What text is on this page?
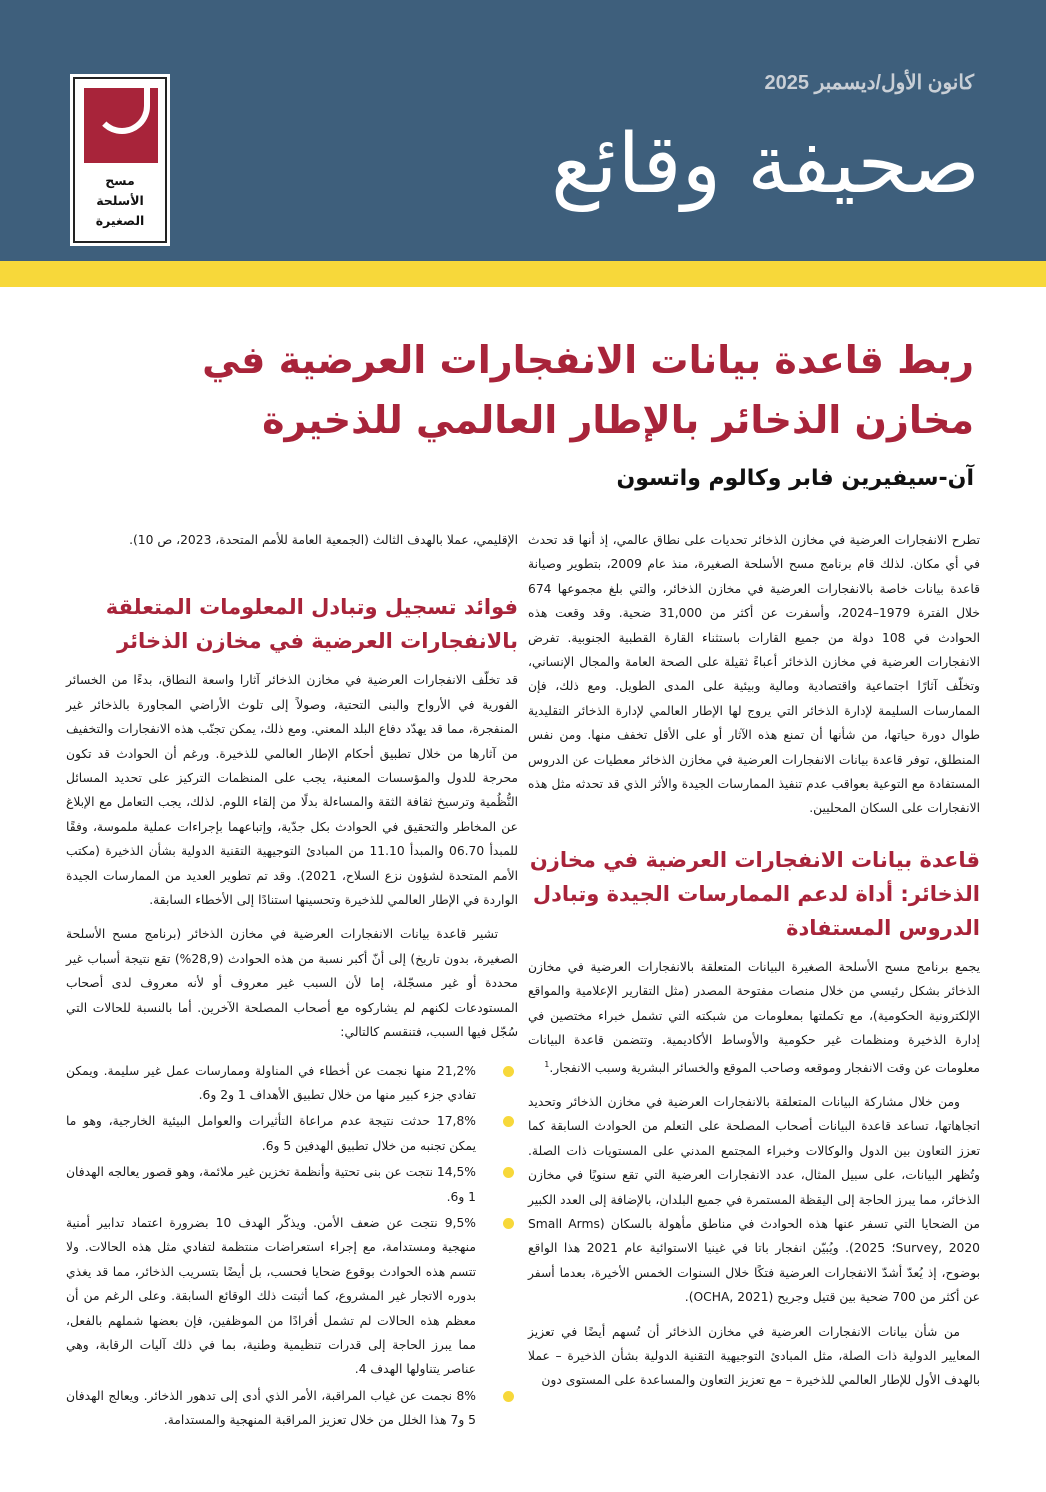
مسح
الأسلحة
الصغيرة
كانون الأول/ديسمبر 2025
صحيفة وقائع
ربط قاعدة بيانات الانفجارات العرضية في مخازن الذخائر بالإطار العالمي للذخيرة
آن-سيفيرين فابر وكالوم واتسون

تطرح الانفجارات العرضية في مخازن الذخائر تحديات على نطاق عالمي، إذ أنها قد تحدث في أي مكان. لذلك قام برنامج مسح الأسلحة الصغيرة، منذ عام 2009، بتطوير وصيانة قاعدة بيانات خاصة بالانفجارات العرضية في مخازن الذخائر، والتي بلغ مجموعها 674 خلال الفترة 1979–2024، وأسفرت عن أكثر من 31,000 ضحية. وقد وقعت هذه الحوادث في 108 دولة من جميع القارات باستثناء القارة القطبية الجنوبية. تفرض الانفجارات العرضية في مخازن الذخائر أعباءً ثقيلة على الصحة العامة والمجال الإنساني، وتخلّف آثارًا اجتماعية واقتصادية ومالية وبيئية على المدى الطويل. ومع ذلك، فإن الممارسات السليمة لإدارة الذخائر التي يروج لها الإطار العالمي لإدارة الذخائر التقليدية طوال دورة حياتها، من شأنها أن تمنع هذه الآثار أو على الأقل تخفف منها. ومن نفس المنطلق، توفر قاعدة بيانات الانفجارات العرضية في مخازن الذخائر معطيات عن الدروس المستفادة مع التوعية بعواقب عدم تنفيذ الممارسات الجيدة والأثر الذي قد تحدثه مثل هذه الانفجارات على السكان المحليين.

قاعدة بيانات الانفجارات العرضية في مخازن الذخائر: أداة لدعم الممارسات الجيدة وتبادل الدروس المستفادة

يجمع برنامج مسح الأسلحة الصغيرة البيانات المتعلقة بالانفجارات العرضية في مخازن الذخائر بشكل رئيسي من خلال منصات مفتوحة المصدر (مثل التقارير الإعلامية والمواقع الإلكترونية الحكومية)، مع تكملتها بمعلومات من شبكته التي تشمل خبراء مختصين في إدارة الذخيرة ومنظمات غير حكومية والأوساط الأكاديمية. وتتضمن قاعدة البيانات معلومات عن وقت الانفجار وموقعه وصاحب الموقع والخسائر البشرية وسبب الانفجار.$^1$

ومن خلال مشاركة البيانات المتعلقة بالانفجارات العرضية في مخازن الذخائر وتحديد اتجاهاتها، تساعد قاعدة البيانات أصحاب المصلحة على التعلم من الحوادث السابقة كما تعزز التعاون بين الدول والوكالات وخبراء المجتمع المدني على المستويات ذات الصلة. وتُظهر البيانات، على سبيل المثال، عدد الانفجارات العرضية التي تقع سنويًا في مخازن الذخائر، مما يبرز الحاجة إلى اليقظة المستمرة في جميع البلدان، بالإضافة إلى العدد الكبير من الضحايا التي تسفر عنها هذه الحوادث في مناطق مأهولة بالسكان (Small Arms Survey, 2020؛ 2025). ويُبيّن انفجار باتا في غينيا الاستوائية عام 2021 هذا الواقع بوضوح، إذ يُعدّ أشدّ الانفجارات العرضية فتكًا خلال السنوات الخمس الأخيرة، بعدما أسفر عن أكثر من 700 ضحية بين قتيل وجريح (OCHA, 2021).

من شأن بيانات الانفجارات العرضية في مخازن الذخائر أن تُسهم أيضًا في تعزيز المعايير الدولية ذات الصلة، مثل المبادئ التوجيهية التقنية الدولية بشأن الذخيرة – عملا بالهدف الأول للإطار العالمي للذخيرة – مع تعزيز التعاون والمساعدة على المستوى دون

الإقليمي، عملا بالهدف الثالث (الجمعية العامة للأمم المتحدة، 2023، ص 10).

فوائد تسجيل وتبادل المعلومات المتعلقة بالانفجارات العرضية في مخازن الذخائر

قد تخلّف الانفجارات العرضية في مخازن الذخائر آثارا واسعة النطاق، بدءًا من الخسائر الفورية في الأرواح والبنى التحتية، وصولاً إلى تلوث الأراضي المجاورة بالذخائر غير المنفجرة، مما قد يهدّد دفاع البلد المعني. ومع ذلك، يمكن تجنّب هذه الانفجارات والتخفيف من آثارها من خلال تطبيق أحكام الإطار العالمي للذخيرة. ورغم أن الحوادث قد تكون محرجة للدول والمؤسسات المعنية، يجب على المنظمات التركيز على تحديد المسائل النُّظُمية وترسيخ ثقافة الثقة والمساءلة بدلًا من إلقاء اللوم. لذلك، يجب التعامل مع الإبلاغ عن المخاطر والتحقيق في الحوادث بكل جدّية، وإتباعهما بإجراءات عملية ملموسة، وفقًا للمبدأ 06.70 والمبدأ 11.10 من المبادئ التوجيهية التقنية الدولية بشأن الذخيرة (مكتب الأمم المتحدة لشؤون نزع السلاح، 2021). وقد تم تطوير العديد من الممارسات الجيدة الواردة في الإطار العالمي للذخيرة وتحسينها استنادًا إلى الأخطاء السابقة.

تشير قاعدة بيانات الانفجارات العرضية في مخازن الذخائر (برنامج مسح الأسلحة الصغيرة، بدون تاريخ) إلى أنّ أكبر نسبة من هذه الحوادث (28,9%) تقع نتيجة أسباب غير محددة أو غير مسجّلة، إما لأن السبب غير معروف أو لأنه معروف لدى أصحاب المستودعات لكنهم لم يشاركوه مع أصحاب المصلحة الآخرين. أما بالنسبة للحالات التي سُجّل فيها السبب، فتنقسم كالتالي:

21,2% منها نجمت عن أخطاء في المناولة وممارسات عمل غير سليمة. ويمكن تفادي جزء كبير منها من خلال تطبيق الأهداف 1 و2 و6.
17,8% حدثت نتيجة عدم مراعاة التأثيرات والعوامل البيئية الخارجية، وهو ما يمكن تجنبه من خلال تطبيق الهدفين 5 و6.
14,5% نتجت عن بنى تحتية وأنظمة تخزين غير ملائمة، وهو قصور يعالجه الهدفان 1 و6.
9,5% نتجت عن ضعف الأمن. ويذكّر الهدف 10 بضرورة اعتماد تدابير أمنية منهجية ومستدامة، مع إجراء استعراضات منتظمة لتفادي مثل هذه الحالات. ولا تتسم هذه الحوادث بوقوع ضحايا فحسب، بل أيضًا بتسريب الذخائر، مما قد يغذي بدوره الاتجار غير المشروع، كما أثبتت ذلك الوقائع السابقة. وعلى الرغم من أن معظم هذه الحالات لم تشمل أفرادًا من الموظفين، فإن بعضها شملهم بالفعل، مما يبرز الحاجة إلى قدرات تنظيمية وطنية، بما في ذلك آليات الرقابة، وهي عناصر يتناولها الهدف 4.
8% نجمت عن غياب المراقبة، الأمر الذي أدى إلى تدهور الذخائر. ويعالج الهدفان 5 و7 هذا الخلل من خلال تعزيز المراقبة المنهجية والمستدامة.
